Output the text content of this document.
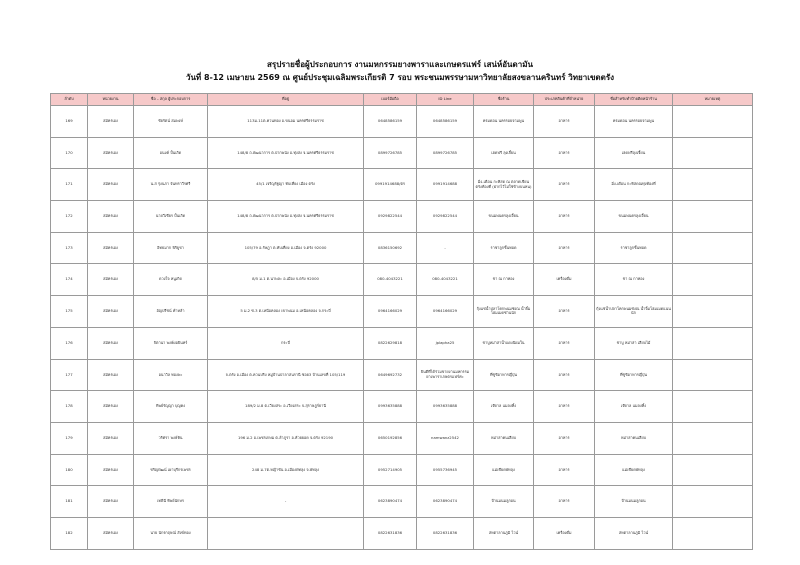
สรุปรายชื่อผู้ประกอบการ งานมหกรรมยางพาราและเกษตรแฟร์ เสน่ห์อันดามัน
วันที่ 8-12 เมษายน 2569 ณ ศูนย์ประชุมเฉลิมพระเกียรติ 7 รอบ พระชนมพรรษามหาวิทยาลัยสงขลานครินทร์ วิทยาเขตตรัง
ลำดับ	หน่วยงาน	ชื่อ – สกุล ผู้ประกอบการ	ที่อยู่	เบอร์มือถือ	ID Line	ชื่อร้าน	ประเภทสินค้าที่จำหน่าย	ชื่อสำหรับทำป้ายติดหน้าร้าน	หมายเหตุ
169	สมัครเอง	ชัยรัตน์ สมพงษ์	113ม.11ต.ควนทอง อ.ขนอม นครศรีธรรมราช	0648586159	0648586159	ครมดอน นครรอยจามพูน	อาหาร	ครมดอน นครรอยจามพูน	
170	สมัครเอง	อนงค์ ปั้นเกิด	148/8 ถ.พัฒนาการ ต.ปากพนัง อ.ทุ่งสง จ.นครศรีธรรมราช	0899726785	0899726785	เฮดฟรี ลุงเจี้ยน	อาหาร	เฮดฟรีลุงเจี้ยน	
171	สมัครเอง	น.ส รุ่งนภา จันทราวีรศรี	45/1 เจริญรัฐญา ทับเที่ยง เมือง ตรัง	0991914688/ตร	0991914688	มิ่ง-เดือน กะทิสด ณ ตลาดเขียนตรังท้องที่ (ฝากไว้ไม่ใช่ข้างบนหน)	อาหาร	มิ่ง-เดือน กะทิสดณทุ่งท้องที่	
172	สมัครเอง	นายวีเชียร ปั้นเกิด	148/8 ถ.พัฒนาการ ต.ปากพนัง อ.ทุ่งสง จ.นครศรีธรรมราช	0929822544	0929822544	ขนมพ่นครลุงเจี้ยน	อาหาร	ขนมพ่นครลุงเจี้ยน	
173	สมัครเอง	อิทธมาก พิริยูชา	105/79 อ.รัษฎา ต.ทับเที่ยง อ.เมือง จ.ตรัง 92000	0836150692	-	ราชาลูกชิ้นทอด	อาหาร	ราชาลูกชิ้นทอด	
174	สมัครเอง	ดวงใจ หนูเกิด	8/5 ม.1 ต.นาพละ อ.เมือง จ.ตรัง 92000	080-4043221	080-4043221	ชา ณ กาทอง	เครื่องดื่ม	ชา ณ กาทอง	
175	สมัครเอง	อัญปรีชน์ คำหล้า	5 ม.2 ซ.3 ต.เหนือคลอง เขาพนม อ.เหนือคลอง จ.กระบี่	0964166029	0964166029	กุ้งแช่น้ำปลาโคกพนมซ่งณ น้ำจิ้มโฮมเมดซ่านนัก	อาหาร	กุ้งแช่น้ำปลาโคกพนมซ่งณ น้ำจิ้มโฮมเมดแนนนัก	
176	สมัครเอง	จิตานา พงษ์ผอยินทร์	กระบี่	0822629818	jplapha25	ชาบูหม่าล่าน้ำแดงนิยมใน	อาหาร	ชาบู หม่าล่า เสียบไม้	
177	สมัครเอง	อนาวิล ทองพะ	จ.ตรัง อ.เมือง ต.ควนปริง หมู่บ้านปาลาสนรานี ซอย3 บ้านเลขที่ 105/119	0649692732	ยินดีที่ได้ร่วมขายงานมหกรรมยางพาราเกษตรแฟร์ค่ะ	ที่ซูชิอาหารญี่ปุ่น	อาหาร	ที่ซูชิอาหารญี่ปุ่น	
178	สมัครเอง	ทิพย์รัญญา บุญคง	189/2 ม.8 ต.เวียงสระ อ.เวียงสระ จ.สุราษฎร์ธานี	0993635888	0993635888	เจ๊ดาล แมลงทิ้ง	อาหาร	เจ๊ดาล แมลงทิ้ง	
179	สมัครเอง	วริศรา พงษ์หิน	196 ม.2 อ.เพชรเกษม ต.ลำภูรา อ.ห้วยยอด จ.ตรัง 92190	0650192856	namwanz2542	หม่าล่าคนเสียบ	อาหาร	หม่าล่าคนเสียบ	
180	สมัครเอง	ชริญพัฒน์ เผาบุรีกรเพชร	248 ม.7ต.หญ้าชัน อ.เมืองพัทลุง จ.พัทลุง	0952714905	0955736945	แม่เชียดพัทลุง	อาหาร	แม่เชียดพัทลุง	
181	สมัครเอง	เทพีนี ทิพย์นักษร	-	0623890474	0623890474	ป้านมนมลูกอน	อาหาร	ป้านมนมลูกอน	
182	สมัครเอง	นาย นักรกฤษณ์ สังข์ทอง		0822631836	0822631836	สหตาลานภูมิ ไวน์	เครื่องดื่ม	สหตาลานภูมิ ไวน์	
